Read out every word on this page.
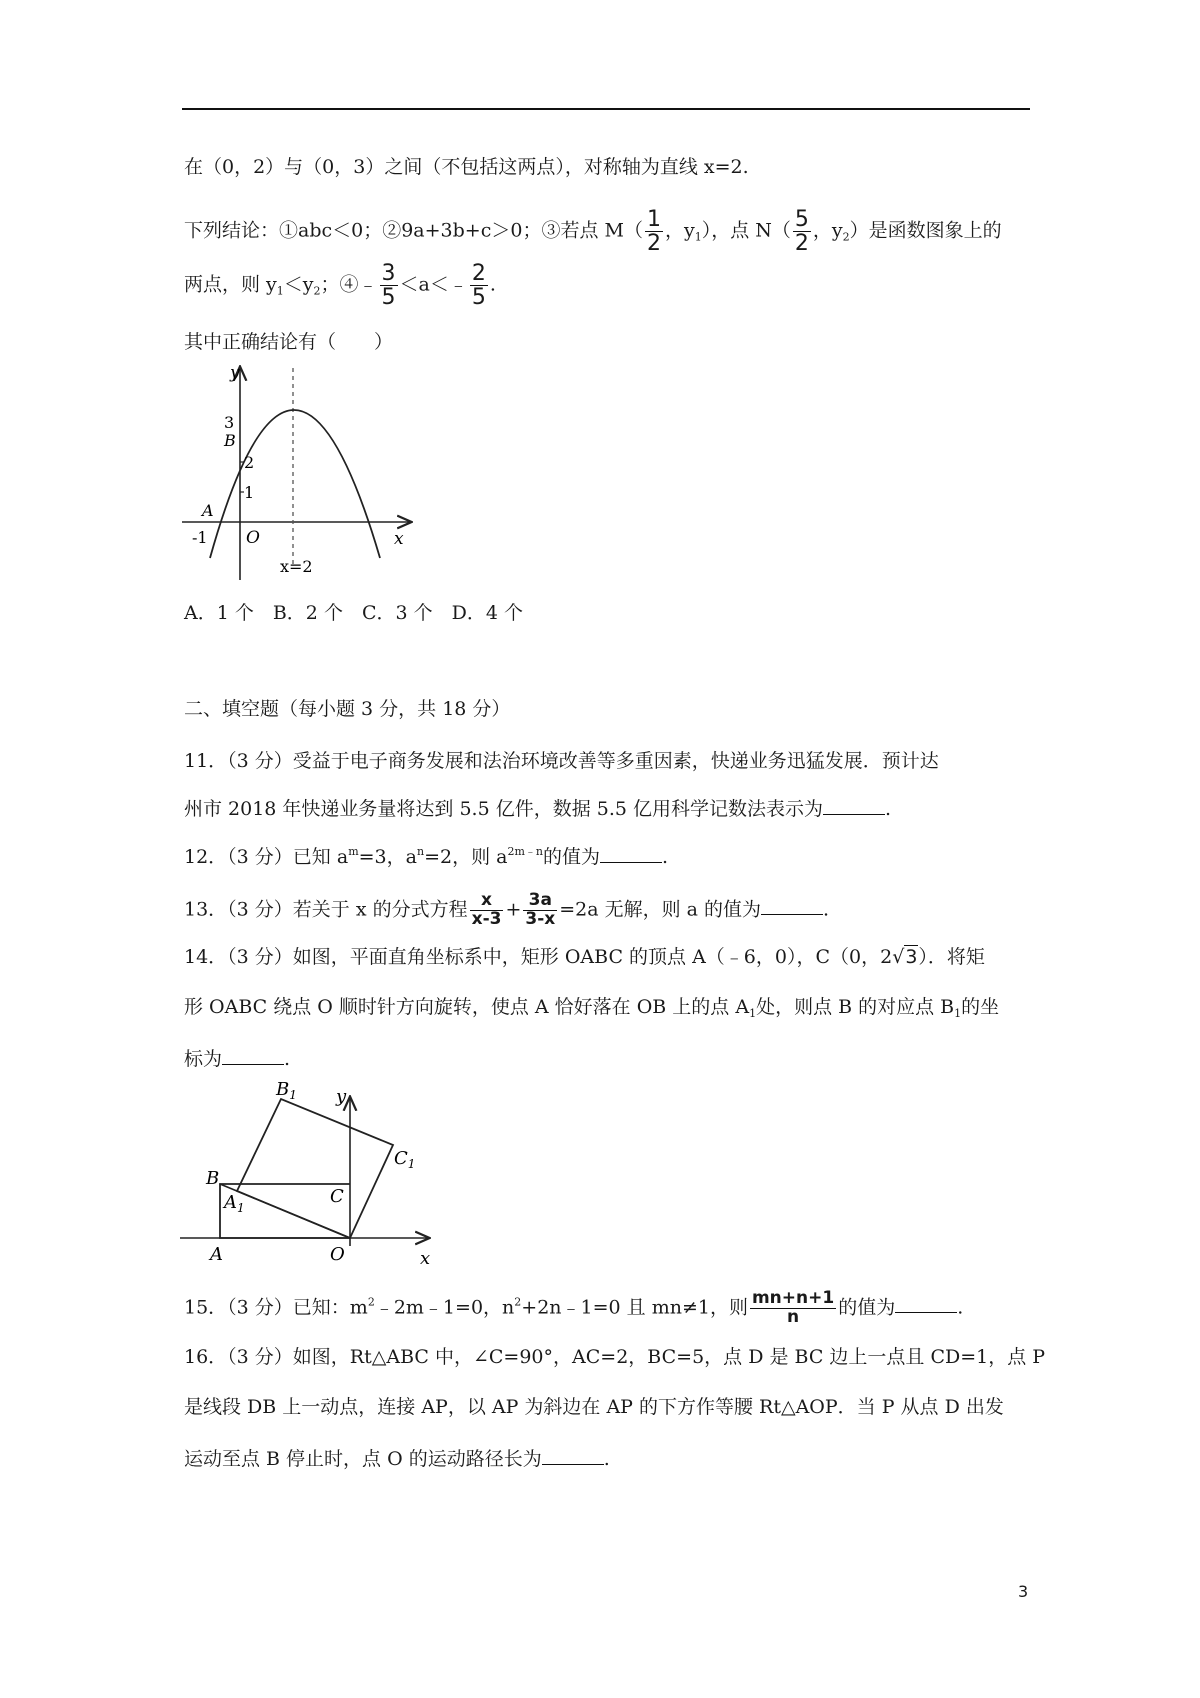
在（0，2）与（0，3）之间（不包括这两点），对称轴为直线 x=2.
下列结论：①abc＜0；②9a+3b+c＞0；③若点 $M( \frac{1}{2}$ ，$y_1$），点 $N( \frac{5}{2}$ ，$y_2$）是函数图象上的
两点，则 $y_1<y_2$；④﹣ $\frac{3}{5}$ ＜a＜﹣ $\frac{2}{5}$ .
其中正确结论有（　　）
y
x
O
3
B
2
1
A
-1
x=2
A．1 个　B．2 个　C．3 个　D．4 个
二、填空题（每小题 3 分，共 18 分）
11．（3 分）受益于电子商务发展和法治环境改善等多重因素，快递业务迅猛发展．预计达
州市 2018 年快递业务量将达到 5.5 亿件，数据 5.5 亿用科学记数法表示为	.
12．（3 分）已知 $a^m=3$，$a^n=2$，则 $a^{2m﹣n}$的值为	.
13．（3 分）若关于 x 的分式方程 $\frac{x}{x-3} + \frac{3a}{3-x} =2a$ 无解，则 a 的值为	.
14．（3 分）如图，平面直角坐标系中，矩形 OABC 的顶点 A（﹣6，0），C（0，2√3）．将矩
形 OABC 绕点 O 顺时针方向旋转，使点 A 恰好落在 OB 上的点 $A_1$处，则点 B 的对应点 $B_1$的坐
标为	.
$B_1$ y
B
$A_1$
C
$C_1$
A	O	x
15．（3 分）已知：$m^2﹣2m﹣1=0$，$n^2+2n﹣1=0$ 且 mn≠1，则 $\frac{mn+n+1}{n}$ 的值为	.
16．（3 分）如图，Rt△ABC 中，∠C=90°，AC=2，BC=5，点 D 是 BC 边上一点且 CD=1，点 P
是线段 DB 上一动点，连接 AP，以 AP 为斜边在 AP 的下方作等腰 Rt△AOP．当 P 从点 D 出发
运动至点 B 停止时，点 O 的运动路径长为	.
3
